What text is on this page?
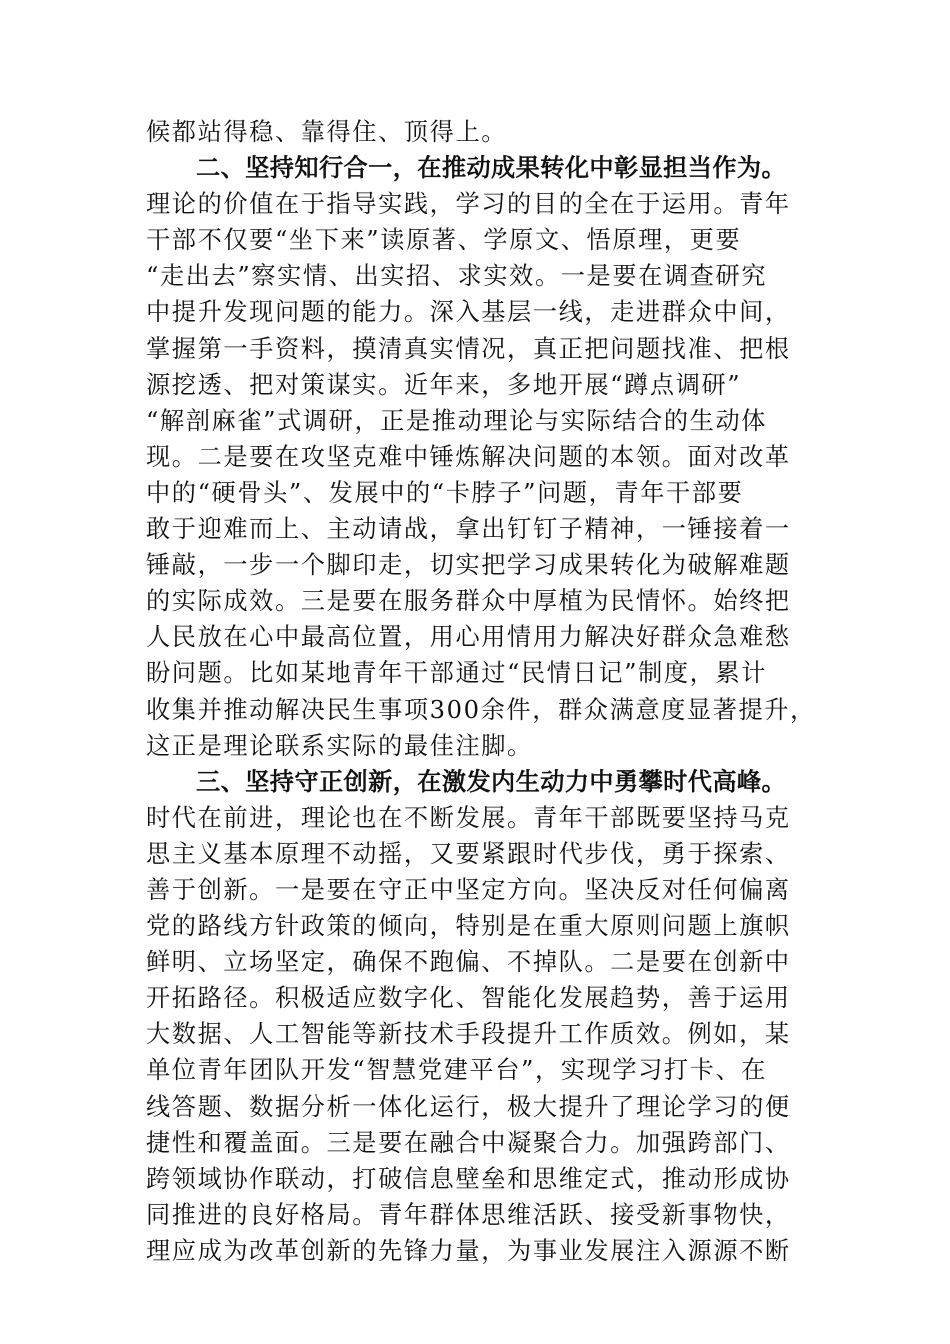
候都站得稳、靠得住、顶得上。
二、坚持知行合一，在推动成果转化中彰显担当作为。
理论的价值在于指导实践，学习的目的全在于运用。青年
干部不仅要“坐下来”读原著、学原文、悟原理，更要
“走出去”察实情、出实招、求实效。一是要在调查研究
中提升发现问题的能力。深入基层一线，走进群众中间，
掌握第一手资料，摸清真实情况，真正把问题找准、把根
源挖透、把对策谋实。近年来，多地开展“蹲点调研”
“解剖麻雀”式调研，正是推动理论与实际结合的生动体
现。二是要在攻坚克难中锤炼解决问题的本领。面对改革
中的“硬骨头”、发展中的“卡脖子”问题，青年干部要
敢于迎难而上、主动请战，拿出钉钉子精神，一锤接着一
锤敲，一步一个脚印走，切实把学习成果转化为破解难题
的实际成效。三是要在服务群众中厚植为民情怀。始终把
人民放在心中最高位置，用心用情用力解决好群众急难愁
盼问题。比如某地青年干部通过“民情日记”制度，累计
收集并推动解决民生事项300余件，群众满意度显著提升，
这正是理论联系实际的最佳注脚。
三、坚持守正创新，在激发内生动力中勇攀时代高峰。
时代在前进，理论也在不断发展。青年干部既要坚持马克
思主义基本原理不动摇，又要紧跟时代步伐，勇于探索、
善于创新。一是要在守正中坚定方向。坚决反对任何偏离
党的路线方针政策的倾向，特别是在重大原则问题上旗帜
鲜明、立场坚定，确保不跑偏、不掉队。二是要在创新中
开拓路径。积极适应数字化、智能化发展趋势，善于运用
大数据、人工智能等新技术手段提升工作质效。例如，某
单位青年团队开发“智慧党建平台”，实现学习打卡、在
线答题、数据分析一体化运行，极大提升了理论学习的便
捷性和覆盖面。三是要在融合中凝聚合力。加强跨部门、
跨领域协作联动，打破信息壁垒和思维定式，推动形成协
同推进的良好格局。青年群体思维活跃、接受新事物快，
理应成为改革创新的先锋力量，为事业发展注入源源不断
